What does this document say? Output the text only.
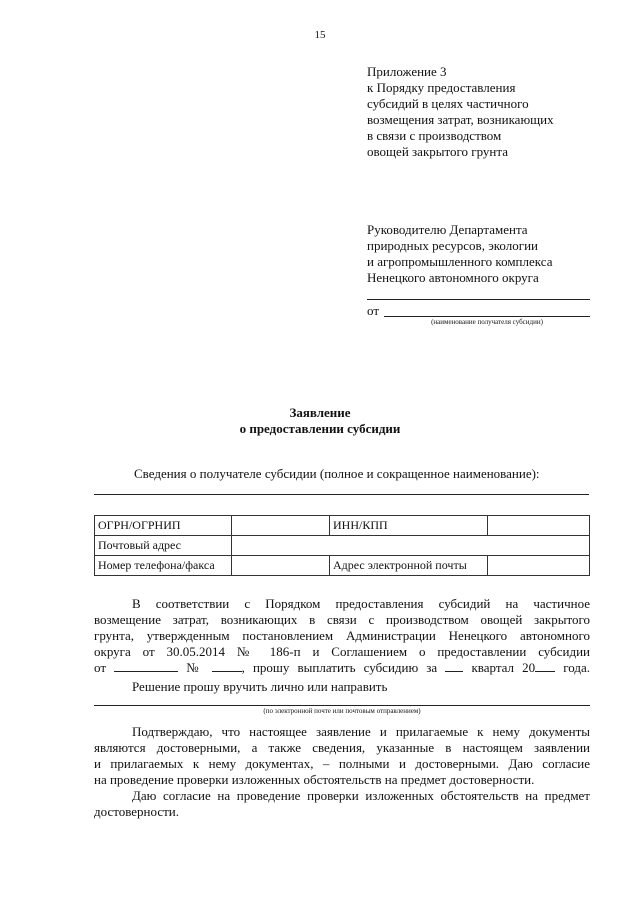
15
Приложение 3
к Порядку предоставления
субсидий в целях частичного
возмещения затрат, возникающих
в связи с производством
овощей закрытого грунта
Руководителю Департамента
природных ресурсов, экологии
и агропромышленного комплекса
Ненецкого автономного округа
от
(наименование получателя субсидии)
Заявление
о предоставлении субсидии
Сведения о получателе субсидии (полное и сокращенное наименование):
ОГРН/ОГРНИП		ИНН/КПП	
Почтовый адрес			
Номер телефона/факса		Адрес электронной почты	
В соответствии с Порядком предоставления субсидий на частичное
возмещение затрат, возникающих в связи с производством овощей закрытого
грунта, утвержденным постановлением Администрации Ненецкого автономного
округа от 30.05.2014 № 186-п и Соглашением о предоставлении субсидии
от	№	, прошу выплатить субсидию за	квартал 20 года.
Решение прошу вручить лично или направить
(по электронной почте или почтовым отправлением)
Подтверждаю, что настоящее заявление и прилагаемые к нему документы
являются достоверными, а также сведения, указанные в настоящем заявлении
и прилагаемых к нему документах, – полными и достоверными. Даю согласие
на проведение проверки изложенных обстоятельств на предмет достоверности.
Даю согласие на проведение проверки изложенных обстоятельств на предмет
достоверности.
